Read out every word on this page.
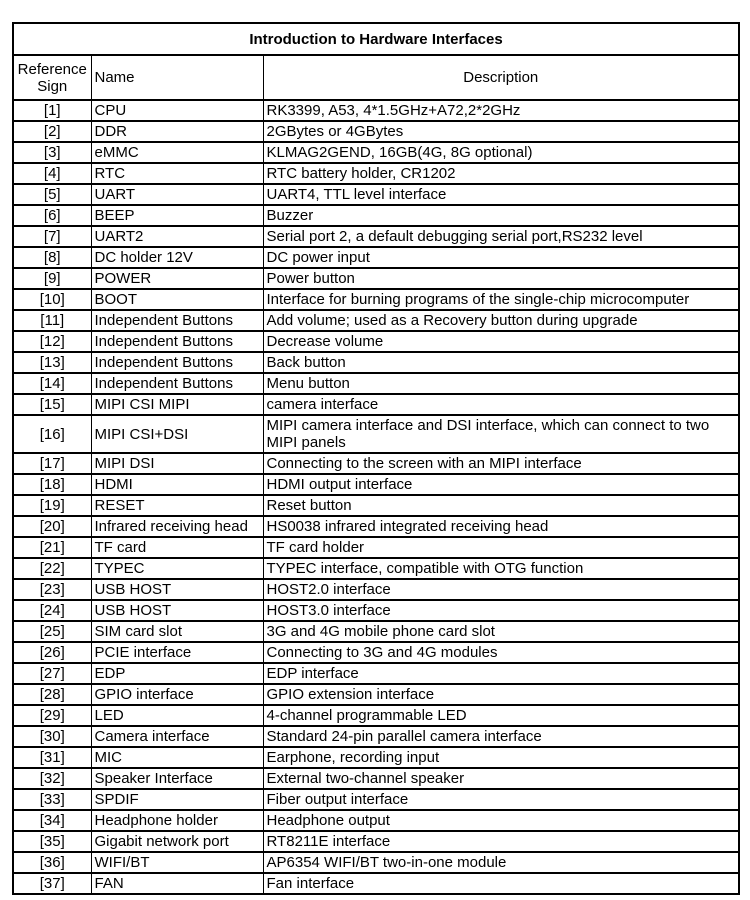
Introduction to Hardware Interfaces		
Reference Sign	Name	Description
[1]	CPU	RK3399, A53, 4*1.5GHz+A72,2*2GHz
[2]	DDR	2GBytes or 4GBytes
[3]	eMMC	KLMAG2GEND, 16GB(4G, 8G optional)
[4]	RTC	RTC battery holder, CR1202
[5]	UART	UART4, TTL level interface
[6]	BEEP	Buzzer
[7]	UART2	Serial port 2, a default debugging serial port,RS232 level
[8]	DC holder 12V	DC power input
[9]	POWER	Power button
[10]	BOOT	Interface for burning programs of the single-chip microcomputer
[11]	Independent Buttons	Add volume; used as a Recovery button during upgrade
[12]	Independent Buttons	Decrease volume
[13]	Independent Buttons	Back button
[14]	Independent Buttons	Menu button
[15]	MIPI CSI MIPI	camera interface
[16]	MIPI CSI+DSI	MIPI camera interface and DSI interface, which can connect to two MIPI panels
[17]	MIPI DSI	Connecting to the screen with an MIPI interface
[18]	HDMI	HDMI output interface
[19]	RESET	Reset button
[20]	Infrared receiving head	HS0038 infrared integrated receiving head
[21]	TF card	TF card holder
[22]	TYPEC	TYPEC interface, compatible with OTG function
[23]	USB HOST	HOST2.0 interface
[24]	USB HOST	HOST3.0 interface
[25]	SIM card slot	3G and 4G mobile phone card slot
[26]	PCIE interface	Connecting to 3G and 4G modules
[27]	EDP	EDP interface
[28]	GPIO interface	GPIO extension interface
[29]	LED	4-channel programmable LED
[30]	Camera interface	Standard 24-pin parallel camera interface
[31]	MIC	Earphone, recording input
[32]	Speaker Interface	External two-channel speaker
[33]	SPDIF	Fiber output interface
[34]	Headphone holder	Headphone output
[35]	Gigabit network port	RT8211E interface
[36]	WIFI/BT	AP6354 WIFI/BT two-in-one module
[37]	FAN	Fan interface
